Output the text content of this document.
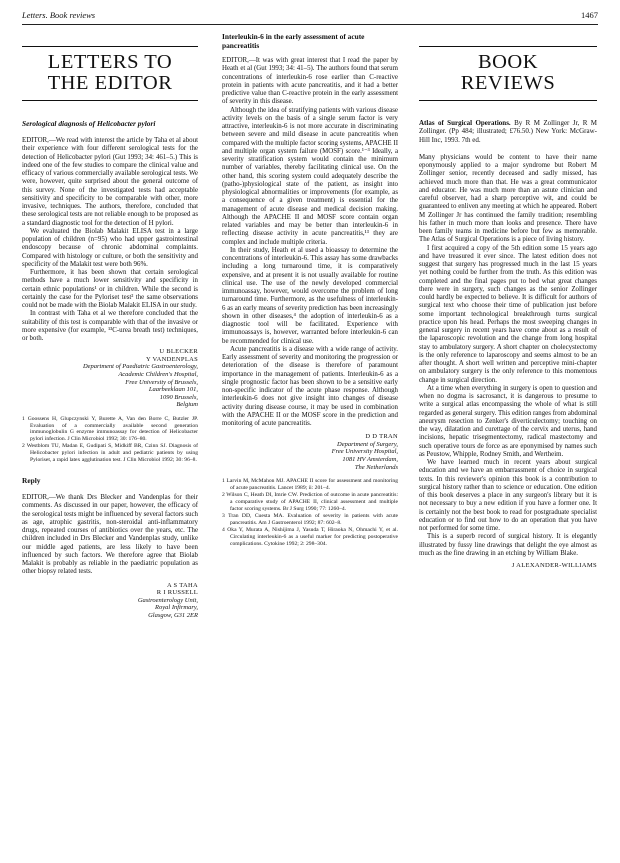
Letters. Book reviews	1467
LETTERS TO
THE EDITOR
Serological diagnosis of Helicobacter pylori

EDITOR,—We read with interest the article by Taha et al about their experience with four different serological tests for the detection of Helicobacter pylori (Gut 1993; 34: 461–5.) This is indeed one of the few studies to compare the clinical value and efficacy of various commercially available serological tests. We were, however, quite surprised about the general outcome of this survey. None of the investigated tests had acceptable sensitivity and specificity to be comparable with other, more invasive, techniques. The authors, therefore, concluded that these serological tests are not reliable enough to be proposed as a standard diagnostic tool for the detection of H pylori.

We evaluated the Biolab Malakit ELISA test in a large population of children (n=95) who had upper gastrointestinal endoscopy because of chronic abdominal complaints. Compared with histology or culture, or both the sensitivity and specificity of the Malakit test were both 96%.

Furthermore, it has been shown that certain serological methods have a much lower sensitivity and specificity in certain ethnic populations¹ or in children. While the second is certainly the case for the Pyloriset test² the same observations could not be made with the Biolab Malakit ELISA in our study.

In contrast with Taha et al we therefore concluded that the suitability of this test is comparable with that of the invasive or more expensive (for example, ¹³C-urea breath test) techniques, or both.

U BLECKER
Y VANDENPLAS
Department of Paediatric Gastroenterology,
Academic Children's Hospital,
Free University of Brussels,
Laarbeeklaan 101,
1090 Brussels,
Belgium
1 Goossens H, Glupczynski Y, Burette A, Van den Borre C, Butzler JP. Evaluation of a commercially available second generation immunoglobulin G enzyme immunoassay for detection of Helicobacter pylori infection. J Clin Microbiol 1992; 30: 176–80.
2 Westblom TU, Madan E, Gudipati S, Midkiff BR, Czinn SJ. Diagnosis of Helicobacter pylori infection in adult and pediatric patients by using Pyloriset, a rapid latex agglutination test. J Clin Microbiol 1992; 30: 96–8.
Reply

EDITOR,—We thank Drs Blecker and Vandenplas for their comments. As discussed in our paper, however, the efficacy of the serological tests might be influenced by several factors such as age, atrophic gastritis, non-steroidal anti-inflammatory drugs, repeated courses of antibiotics over the years, etc. The children included in Drs Blecker and Vandenplas study, unlike our middle aged patients, are less likely to have been influenced by such factors. We therefore agree that Biolab Malakit is probably as reliable in the paediatric population as other biopsy related tests.

A S TAHA
R I RUSSELL
Gastroenterology Unit,
Royal Infirmary,
Glasgow, G31 2ER
Interleukin-6 in the early assessment of acute pancreatitis

EDITOR,—It was with great interest that I read the paper by Heath et al (Gut 1993; 34: 41–5). The authors found that serum concentrations of interleukin-6 rose earlier than C-reactive protein in patients with acute pancreatitis, and it had a better predictive value than C-reactive protein in the early assessment of severity in this disease.

Although the idea of stratifying patients with various disease activity levels on the basis of a single serum factor is very attractive, interleukin-6 is not more accurate in discriminating between severe and mild disease in acute pancreatitis when compared with the multiple factor scoring systems, APACHE II and multiple organ system failure (MOSF) score.¹⁻³ Ideally, a severity stratification system would contain the minimum number of variables, thereby facilitating clinical use. On the other hand, this scoring system could adequately describe the (patho-)physiological state of the patient, as insight into physiological abnormalities or improvements (for example, as a consequence of a given treatment) is essential for the management of acute disease and medical decision making. Although the APACHE II and MOSF score contain organ related variables and may be better than interleukin-6 in reflecting disease activity in acute pancreatitis,¹³ they are complex and include multiple criteria.

In their study, Heath et al used a bioassay to determine the concentrations of interleukin-6. This assay has some drawbacks including a long turnaround time, it is comparatively expensive, and at present it is not usually available for routine clinical use. The use of the newly developed commercial immunoassay, however, would overcome the problem of long turnaround time. Furthermore, as the usefulness of interleukin-6 as an early means of severity prediction has been increasingly shown in other diseases,⁴ the adoption of interleukin-6 as a diagnostic tool will be facilitated. Experience with immunoassays is, however, warranted before interleukin-6 can be recommended for clinical use.

Acute pancreatitis is a disease with a wide range of activity. Early assessment of severity and monitoring the progression or deterioration of the disease is therefore of paramount importance in the management of patients. Interleukin-6 as a single prognostic factor has been shown to be a sensitive early non-specific indicator of the acute phase response. Although interleukin-6 does not give insight into changes of disease activity during disease course, it may be used in combination with the APACHE II or the MOSF score in the prediction and monitoring of acute pancreatitis.

D D TRAN
Department of Surgery,
Free University Hospital,
1081 HV Amsterdam,
The Netherlands
1 Larvin M, McMahon MJ. APACHE II score for assessment and monitoring of acute pancreatitis. Lancet 1989; ii: 201–4.
2 Wilson C, Heath DI, Imrie CW. Prediction of outcome in acute pancreatitis: a comparative study of APACHE II, clinical assessment and multiple factor scoring systems. Br J Surg 1990; 77: 1260–4.
3 Tran DD, Cuesta MA. Evaluation of severity in patients with acute pancreatitis. Am J Gastroenterol 1992; 87: 602–8.
4 Oka Y, Murata A, Nishijima J, Yasuda T, Hiraoka N, Ohmachi Y, et al. Circulating interleukin-6 as a useful marker for predicting postoperative complications. Cytokine 1992; 2: 298–304.
BOOK
REVIEWS
Atlas of Surgical Operations. By R M Zollinger Jr, R M Zollinger. (Pp 484; illustrated; £76.50.) New York: McGraw-Hill Inc, 1993. 7th ed.

Many physicians would be content to have their name eponymously applied to a major syndrome but Robert M Zollinger senior, recently deceased and sadly missed, has achieved much more than that. He was a great communicator and educator. He was much more than an astute clinician and careful observer, had a sharp perceptive wit, and could be guaranteed to enliven any meeting at which he appeared. Robert M Zollinger Jr has continued the family tradition; resembling his father in much more than looks and presence. There have been family teams in medicine before but few as memorable. The Atlas of Surgical Operations is a piece of living history.

I first acquired a copy of the 5th edition some 15 years ago and have treasured it ever since. The latest edition does not suggest that surgery has progressed much in the last 15 years yet nothing could be further from the truth. As this edition was completed and the final pages put to bed what great changes there were in surgery, such changes as the senior Zollinger could hardly be expected to believe. It is difficult for authors of surgical text who choose their time of publication just before some important technological breakthrough turns surgical practice upon his head. Perhaps the most sweeping changes in general surgery in recent years have come about as a result of the laparoscopic revolution and the change from long hospital stay to ambulatory surgery. A short chapter on cholecystectomy is the only reference to laparoscopy and seems almost to be an after thought. A short well written and perceptive mini-chapter on ambulatory surgery is the only reference to this momentous change in surgical direction.

At a time when everything in surgery is open to question and when no dogma is sacrosanct, it is dangerous to presume to write a surgical atlas encompassing the whole of what is still regarded as general surgery. This edition ranges from abdominal aneurysm resection to Zenker's diverticulectomy; touching on the way, dilatation and curettage of the cervix and uterus, hand incisions, hepatic trisegmentectomy, radical mastectomy and such operative tours de force as are eponymised by names such as Peustow, Whipple, Rodney Smith, and Wertheim.

We have learned much in recent years about surgical education and we have an embarrassment of choice in surgical texts. In this reviewer's opinion this book is a contribution to surgical history rather than to science or education. One edition of this book deserves a place in any surgeon's library but it is not necessary to buy a new edition if you have a former one. It is certainly not the best book to read for postgraduate specialist education or to find out how to do an operation that you have not performed for some time.

This is a superb record of surgical history. It is elegantly illustrated by fussy line drawings that delight the eye almost as much as the fine drawing in an etching by William Blake.

J ALEXANDER-WILLIAMS
